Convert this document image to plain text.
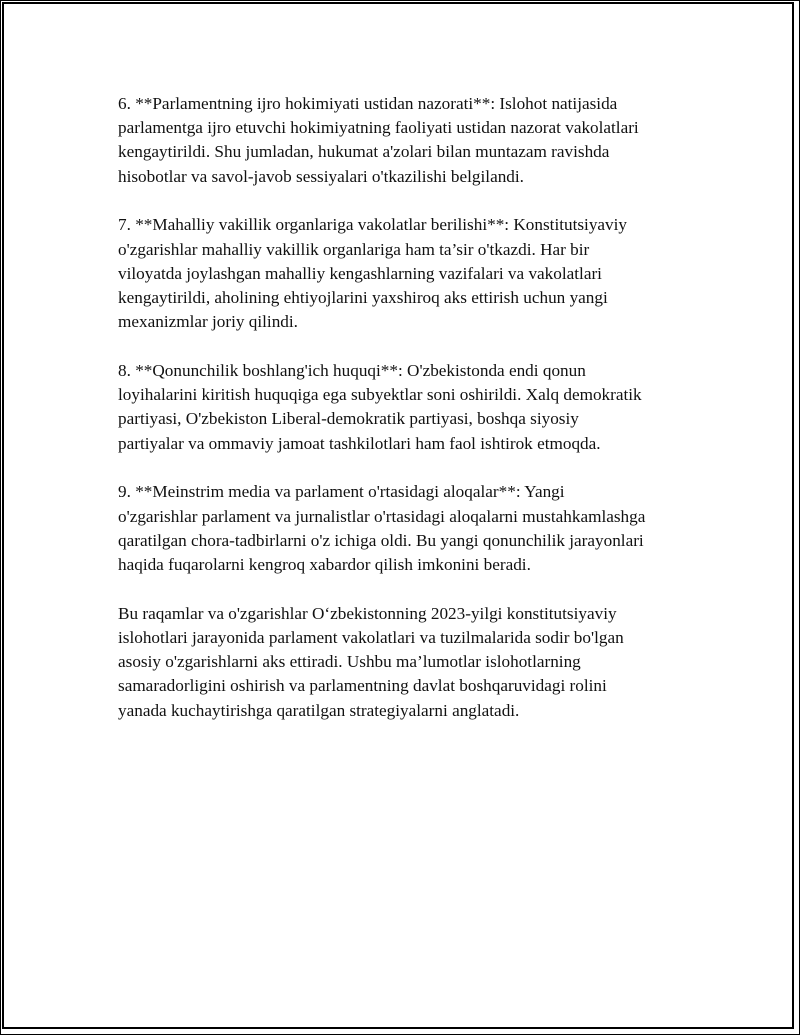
6. **Parlamentning ijro hokimiyati ustidan nazorati**: Islohot natijasida
parlamentga ijro etuvchi hokimiyatning faoliyati ustidan nazorat vakolatlari
kengaytirildi. Shu jumladan, hukumat a'zolari bilan muntazam ravishda
hisobotlar va savol-javob sessiyalari o'tkazilishi belgilandi.

7. **Mahalliy vakillik organlariga vakolatlar berilishi**: Konstitutsiyaviy
o'zgarishlar mahalliy vakillik organlariga ham ta’sir o'tkazdi. Har bir
viloyatda joylashgan mahalliy kengashlarning vazifalari va vakolatlari
kengaytirildi, aholining ehtiyojlarini yaxshiroq aks ettirish uchun yangi
mexanizmlar joriy qilindi.

8. **Qonunchilik boshlang'ich huquqi**: O'zbekistonda endi qonun
loyihalarini kiritish huquqiga ega subyektlar soni oshirildi. Xalq demokratik
partiyasi, O'zbekiston Liberal-demokratik partiyasi, boshqa siyosiy
partiyalar va ommaviy jamoat tashkilotlari ham faol ishtirok etmoqda.

9. **Meinstrim media va parlament o'rtasidagi aloqalar**: Yangi
o'zgarishlar parlament va jurnalistlar o'rtasidagi aloqalarni mustahkamlashga
qaratilgan chora-tadbirlarni o'z ichiga oldi. Bu yangi qonunchilik jarayonlari
haqida fuqarolarni kengroq xabardor qilish imkonini beradi.

Bu raqamlar va o'zgarishlar O‘zbekistonning 2023-yilgi konstitutsiyaviy
islohotlari jarayonida parlament vakolatlari va tuzilmalarida sodir bo'lgan
asosiy o'zgarishlarni aks ettiradi. Ushbu ma’lumotlar islohotlarning
samaradorligini oshirish va parlamentning davlat boshqaruvidagi rolini
yanada kuchaytirishga qaratilgan strategiyalarni anglatadi.
